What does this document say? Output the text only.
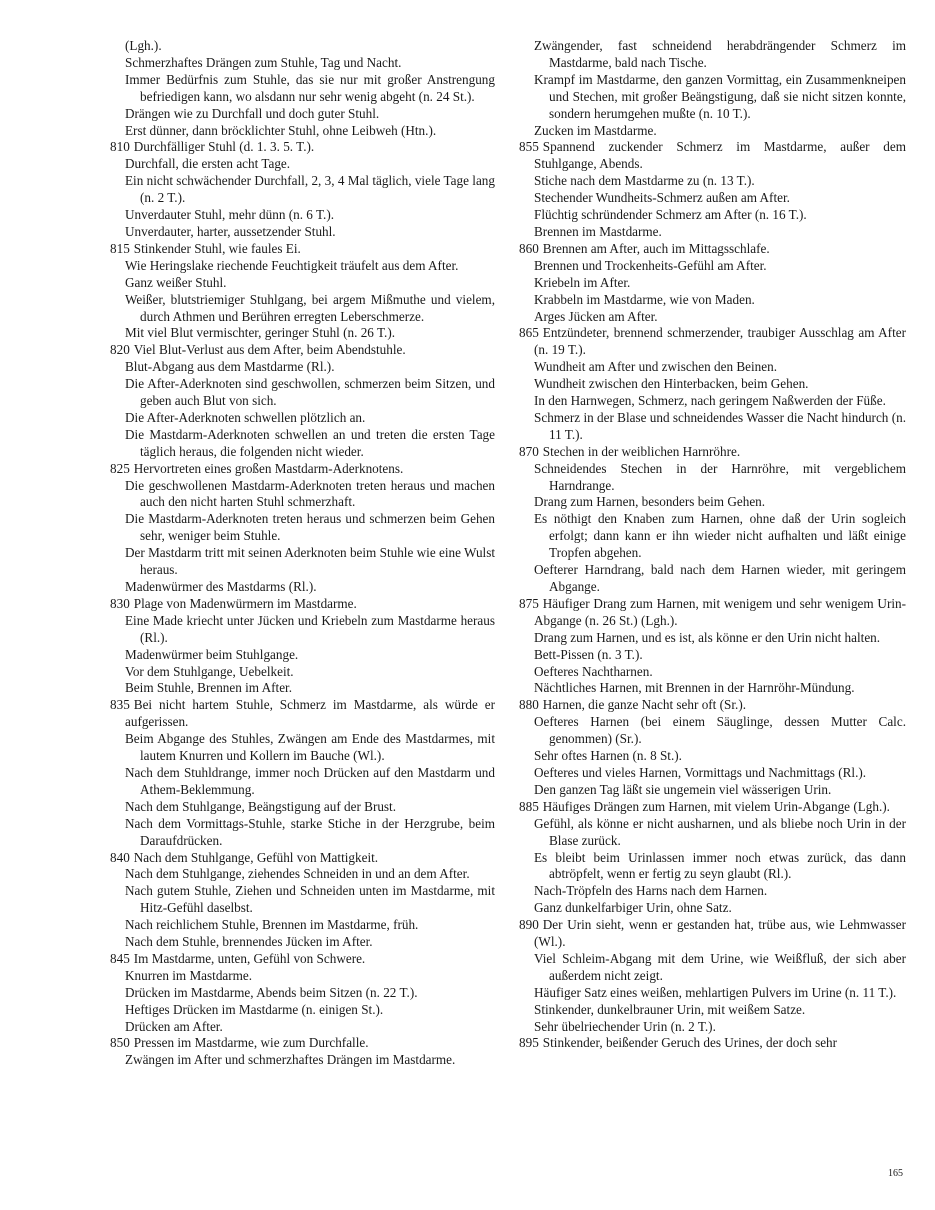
(Lgh.).
Schmerzhaftes Drängen zum Stuhle, Tag und Nacht.
Immer Bedürfnis zum Stuhle, das sie nur mit großer Anstrengung befriedigen kann, wo alsdann nur sehr wenig abgeht (n. 24 St.).
Drängen wie zu Durchfall und doch guter Stuhl.
Erst dünner, dann bröcklichter Stuhl, ohne Leibweh (Htn.).
810 Durchfälliger Stuhl (d. 1. 3. 5. T.).
Durchfall, die ersten acht Tage.
Ein nicht schwächender Durchfall, 2, 3, 4 Mal täglich, viele Tage lang (n. 2 T.).
Unverdauter Stuhl, mehr dünn (n. 6 T.).
Unverdauter, harter, aussetzender Stuhl.
815 Stinkender Stuhl, wie faules Ei.
Wie Heringslake riechende Feuchtigkeit träufelt aus dem After.
Ganz weißer Stuhl.
Weißer, blutstriemiger Stuhlgang, bei argem Mißmuthe und vielem, durch Athmen und Berühren erregten Leberschmerze.
Mit viel Blut vermischter, geringer Stuhl (n. 26 T.).
820 Viel Blut-Verlust aus dem After, beim Abendstuhle.
Blut-Abgang aus dem Mastdarme (Rl.).
Die After-Aderknoten sind geschwollen, schmerzen beim Sitzen, und geben auch Blut von sich.
Die After-Aderknoten schwellen plötzlich an.
Die Mastdarm-Aderknoten schwellen an und treten die ersten Tage täglich heraus, die folgenden nicht wieder.
825 Hervortreten eines großen Mastdarm-Aderknotens.
Die geschwollenen Mastdarm-Aderknoten treten heraus und machen auch den nicht harten Stuhl schmerzhaft.
Die Mastdarm-Aderknoten treten heraus und schmerzen beim Gehen sehr, weniger beim Stuhle.
Der Mastdarm tritt mit seinen Aderknoten beim Stuhle wie eine Wulst heraus.
Madenwürmer des Mastdarms (Rl.).
830 Plage von Madenwürmern im Mastdarme.
Eine Made kriecht unter Jücken und Kriebeln zum Mastdarme heraus (Rl.).
Madenwürmer beim Stuhlgange.
Vor dem Stuhlgange, Uebelkeit.
Beim Stuhle, Brennen im After.
835 Bei nicht hartem Stuhle, Schmerz im Mastdarme, als würde er aufgerissen.
Beim Abgange des Stuhles, Zwängen am Ende des Mastdarmes, mit lautem Knurren und Kollern im Bauche (Wl.).
Nach dem Stuhldrange, immer noch Drücken auf den Mastdarm und Athem-Beklemmung.
Nach dem Stuhlgange, Beängstigung auf der Brust.
Nach dem Vormittags-Stuhle, starke Stiche in der Herzgrube, beim Daraufdrücken.
840 Nach dem Stuhlgange, Gefühl von Mattigkeit.
Nach dem Stuhlgange, ziehendes Schneiden in und an dem After.
Nach gutem Stuhle, Ziehen und Schneiden unten im Mastdarme, mit Hitz-Gefühl daselbst.
Nach reichlichem Stuhle, Brennen im Mastdarme, früh.
Nach dem Stuhle, brennendes Jücken im After.
845 Im Mastdarme, unten, Gefühl von Schwere.
Knurren im Mastdarme.
Drücken im Mastdarme, Abends beim Sitzen (n. 22 T.).
Heftiges Drücken im Mastdarme (n. einigen St.).
Drücken am After.
850 Pressen im Mastdarme, wie zum Durchfalle.
Zwängen im After und schmerzhaftes Drängen im Mastdarme.
Zwängender, fast schneidend herabdrängender Schmerz im Mastdarme, bald nach Tische.
Krampf im Mastdarme, den ganzen Vormittag, ein Zusammenkneipen und Stechen, mit großer Beängstigung, daß sie nicht sitzen konnte, sondern herumgehen mußte (n. 10 T.).
Zucken im Mastdarme.
855 Spannend zuckender Schmerz im Mastdarme, außer dem Stuhlgange, Abends.
Stiche nach dem Mastdarme zu (n. 13 T.).
Stechender Wundheits-Schmerz außen am After.
Flüchtig schründender Schmerz am After (n. 16 T.).
Brennen im Mastdarme.
860 Brennen am After, auch im Mittagsschlafe.
Brennen und Trockenheits-Gefühl am After.
Kriebeln im After.
Krabbeln im Mastdarme, wie von Maden.
Arges Jücken am After.
865 Entzündeter, brennend schmerzender, traubiger Ausschlag am After (n. 19 T.).
Wundheit am After und zwischen den Beinen.
Wundheit zwischen den Hinterbacken, beim Gehen.
In den Harnwegen, Schmerz, nach geringem Naßwerden der Füße.
Schmerz in der Blase und schneidendes Wasser die Nacht hindurch (n. 11 T.).
870 Stechen in der weiblichen Harnröhre.
Schneidendes Stechen in der Harnröhre, mit vergeblichem Harndrange.
Drang zum Harnen, besonders beim Gehen.
Es nöthigt den Knaben zum Harnen, ohne daß der Urin sogleich erfolgt; dann kann er ihn wieder nicht aufhalten und läßt einige Tropfen abgehen.
Oefterer Harndrang, bald nach dem Harnen wieder, mit geringem Abgange.
875 Häufiger Drang zum Harnen, mit wenigem und sehr wenigem Urin-Abgange (n. 26 St.) (Lgh.).
Drang zum Harnen, und es ist, als könne er den Urin nicht halten.
Bett-Pissen (n. 3 T.).
Oefteres Nachtharnen.
Nächtliches Harnen, mit Brennen in der Harnröhr-Mündung.
880 Harnen, die ganze Nacht sehr oft (Sr.).
Oefteres Harnen (bei einem Säuglinge, dessen Mutter Calc. genommen) (Sr.).
Sehr oftes Harnen (n. 8 St.).
Oefteres und vieles Harnen, Vormittags und Nachmittags (Rl.).
Den ganzen Tag läßt sie ungemein viel wässerigen Urin.
885 Häufiges Drängen zum Harnen, mit vielem Urin-Abgange (Lgh.).
Gefühl, als könne er nicht ausharnen, und als bliebe noch Urin in der Blase zurück.
Es bleibt beim Urinlassen immer noch etwas zurück, das dann abtröpfelt, wenn er fertig zu seyn glaubt (Rl.).
Nach-Tröpfeln des Harns nach dem Harnen.
Ganz dunkelfarbiger Urin, ohne Satz.
890 Der Urin sieht, wenn er gestanden hat, trübe aus, wie Lehmwasser (Wl.).
Viel Schleim-Abgang mit dem Urine, wie Weißfluß, der sich aber außerdem nicht zeigt.
Häufiger Satz eines weißen, mehlartigen Pulvers im Urine (n. 11 T.).
Stinkender, dunkelbrauner Urin, mit weißem Satze.
Sehr übelriechender Urin (n. 2 T.).
895 Stinkender, beißender Geruch des Urines, der doch sehr
165
